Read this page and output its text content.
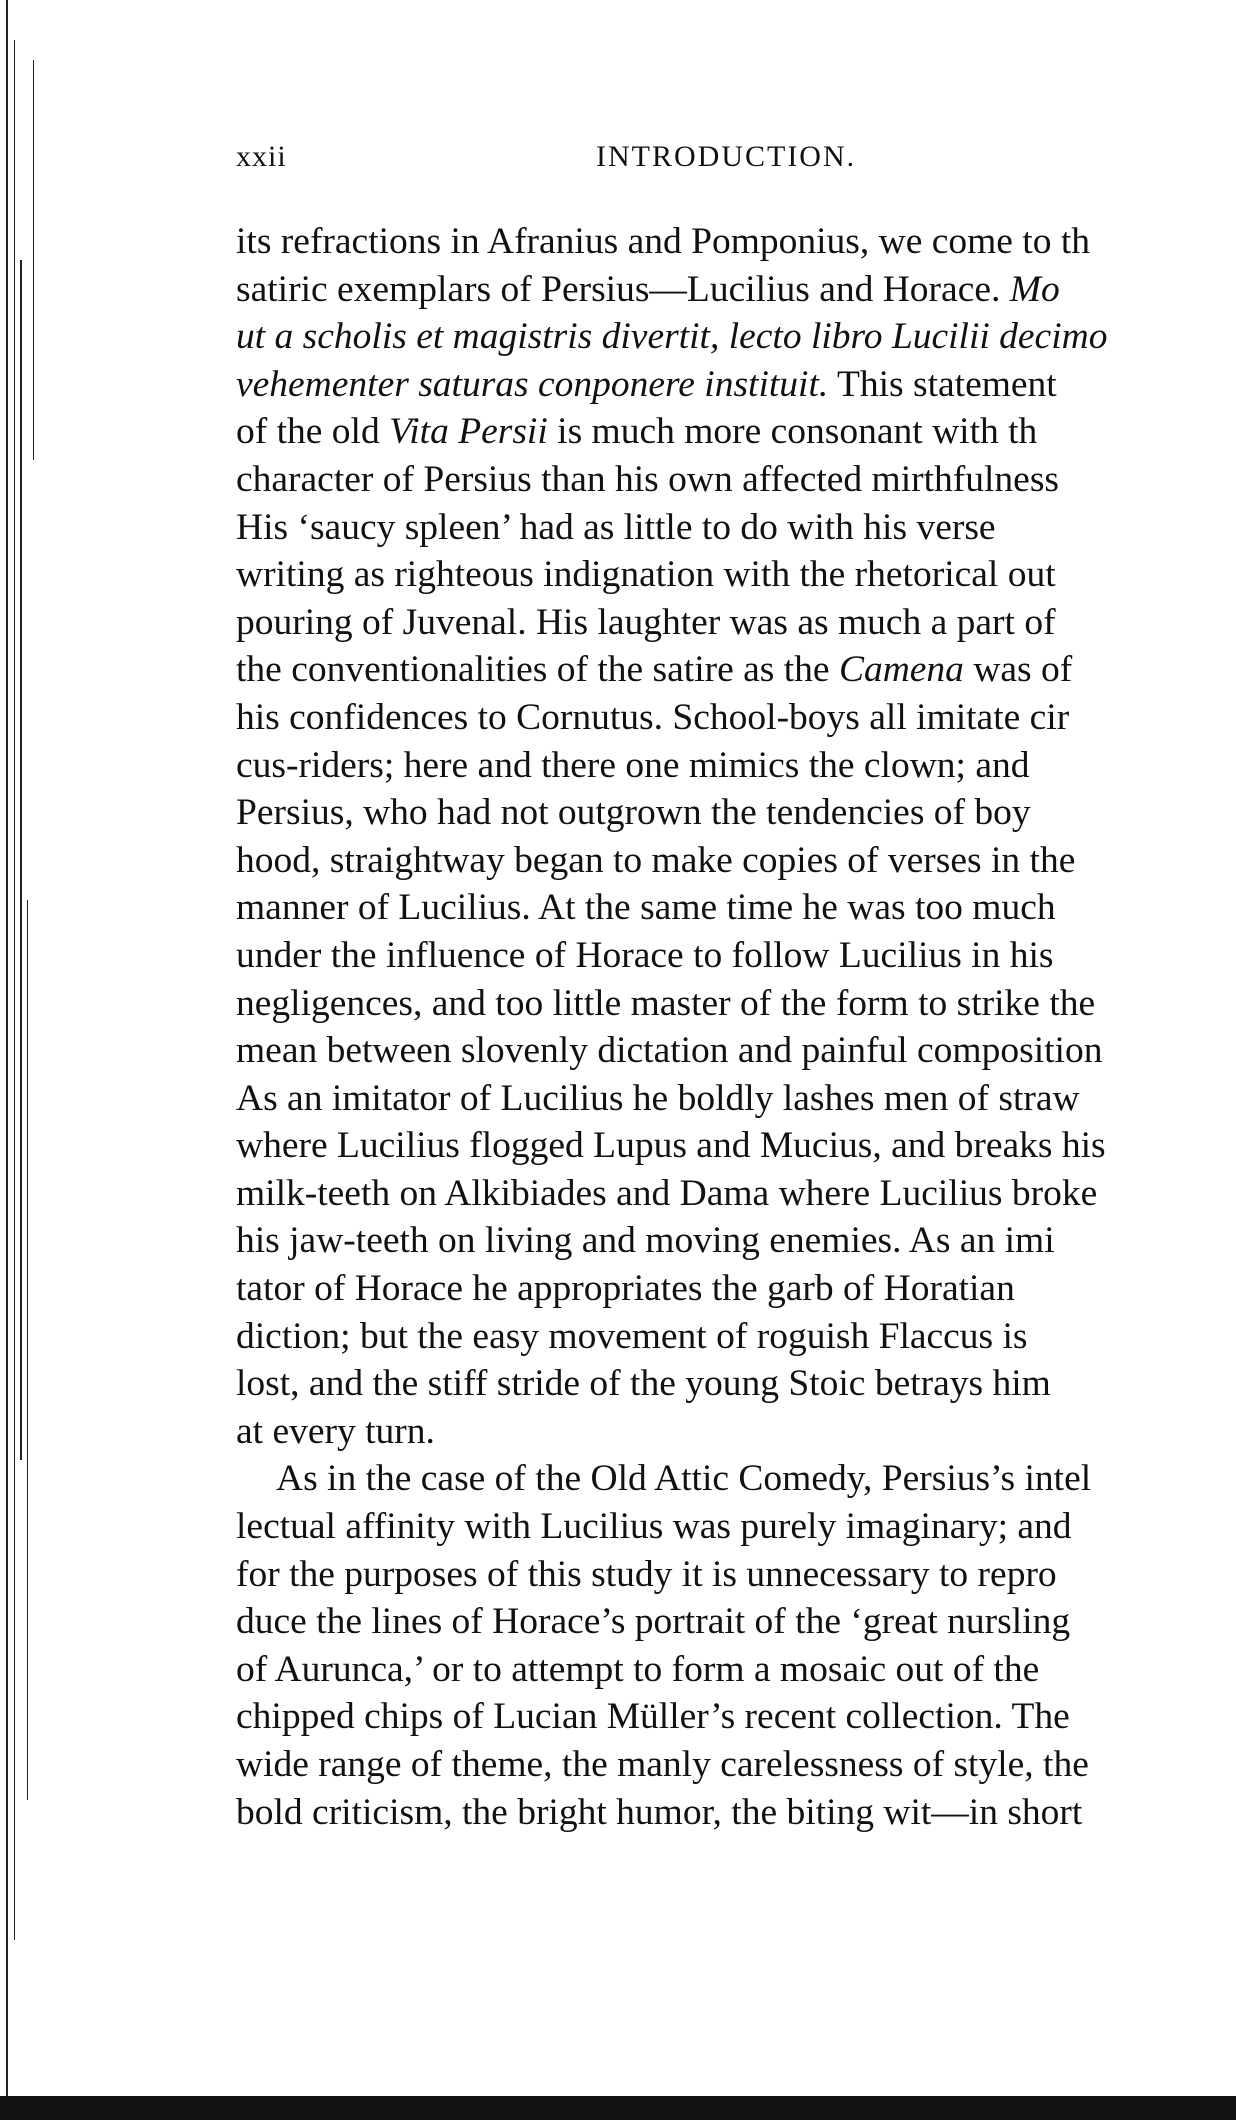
xxii	INTRODUCTION.

its refractions in Afranius and Pomponius, we come to th
satiric exemplars of Persius—Lucilius and Horace. Mo
ut a scholis et magistris divertit, lecto libro Lucilii decimo
vehementer saturas conponere instituit. This statement
of the old Vita Persii is much more consonant with th
character of Persius than his own affected mirthfulness
His ‘saucy spleen’ had as little to do with his verse
writing as righteous indignation with the rhetorical out
pouring of Juvenal. His laughter was as much a part of
the conventionalities of the satire as the Camena was of
his confidences to Cornutus. School-boys all imitate cir
cus-riders; here and there one mimics the clown; and
Persius, who had not outgrown the tendencies of boy
hood, straightway began to make copies of verses in the
manner of Lucilius. At the same time he was too much
under the influence of Horace to follow Lucilius in his
negligences, and too little master of the form to strike the
mean between slovenly dictation and painful composition
As an imitator of Lucilius he boldly lashes men of straw
where Lucilius flogged Lupus and Mucius, and breaks his
milk-teeth on Alkibiades and Dama where Lucilius broke
his jaw-teeth on living and moving enemies. As an imi
tator of Horace he appropriates the garb of Horatian
diction; but the easy movement of roguish Flaccus is
lost, and the stiff stride of the young Stoic betrays him
at every turn.

As in the case of the Old Attic Comedy, Persius’s intel
lectual affinity with Lucilius was purely imaginary; and
for the purposes of this study it is unnecessary to repro
duce the lines of Horace’s portrait of the ‘great nursling
of Aurunca,’ or to attempt to form a mosaic out of the
chipped chips of Lucian Müller’s recent collection. The
wide range of theme, the manly carelessness of style, the
bold criticism, the bright humor, the biting wit—in short
